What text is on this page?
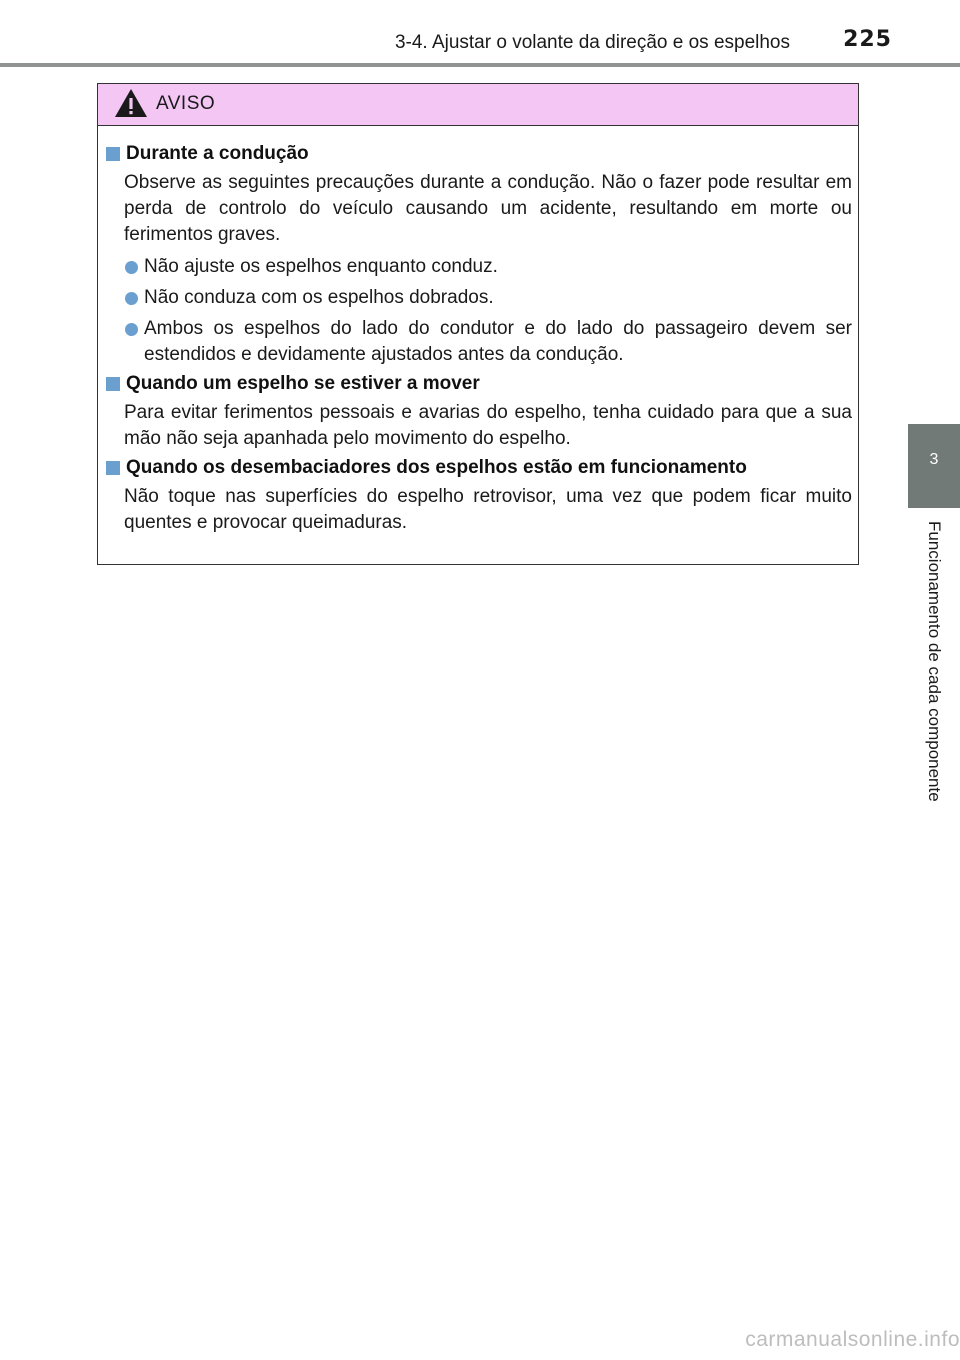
3-4. Ajustar o volante da direção e os espelhos 225
3
Funcionamento de cada componente
AVISO
Durante a condução
Observe as seguintes precauções durante a condução. Não o fazer pode resultar em perda de controlo do veículo causando um acidente, resultando em morte ou ferimentos graves.
Não ajuste os espelhos enquanto conduz.
Não conduza com os espelhos dobrados.
Ambos os espelhos do lado do condutor e do lado do passageiro devem ser estendidos e devidamente ajustados antes da condução.
Quando um espelho se estiver a mover
Para evitar ferimentos pessoais e avarias do espelho, tenha cuidado para que a sua mão não seja apanhada pelo movimento do espelho.
Quando os desembaciadores dos espelhos estão em funcionamento
Não toque nas superfícies do espelho retrovisor, uma vez que podem ficar muito quentes e provocar queimaduras.
carmanualsonline.info
